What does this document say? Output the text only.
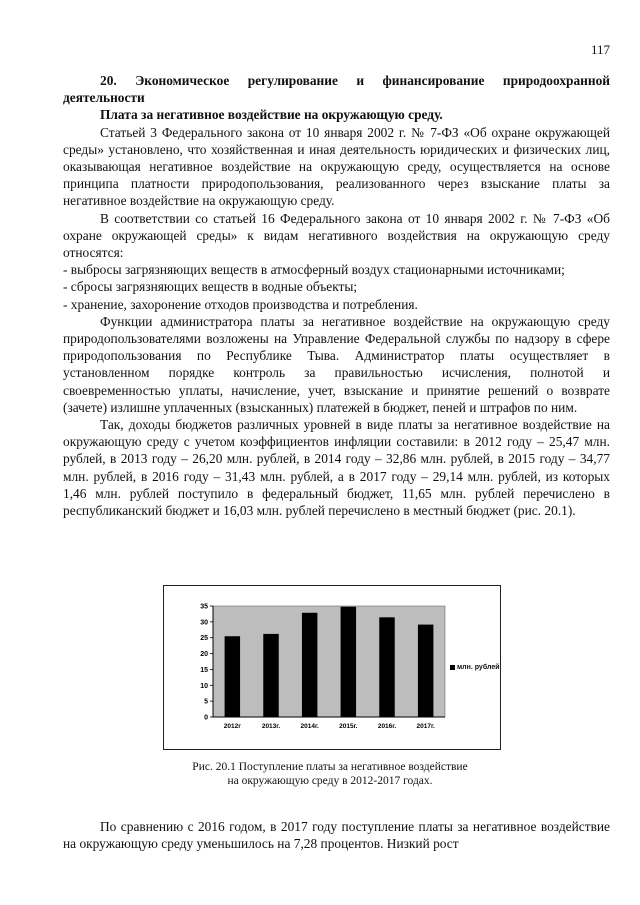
117

20. Экономическое регулирование и финансирование природоохранной деятельности

Плата за негативное воздействие на окружающую среду.

Статьей 3 Федерального закона от 10 января 2002 г. № 7-ФЗ «Об охране окружающей среды» установлено, что хозяйственная и иная деятельность юридических и физических лиц, оказывающая негативное воздействие на окружающую среду, осуществляется на основе принципа платности природопользования, реализованного через взыскание платы за негативное воздействие на окружающую среду.

В соответствии со статьей 16 Федерального закона от 10 января 2002 г. № 7-ФЗ «Об охране окружающей среды» к видам негативного воздействия на окружающую среду относятся:

- выбросы загрязняющих веществ в атмосферный воздух стационарными источниками;

- сбросы загрязняющих веществ в водные объекты;

- хранение, захоронение отходов производства и потребления.

Функции администратора платы за негативное воздействие на окружающую среду природопользователями возложены на Управление Федеральной службы по надзору в сфере природопользования по Республике Тыва. Администратор платы осуществляет в установленном порядке контроль за правильностью исчисления, полнотой и своевременностью уплаты, начисление, учет, взыскание и принятие решений о возврате (зачете) излишне уплаченных (взысканных) платежей в бюджет, пеней и штрафов по ним.

Так, доходы бюджетов различных уровней в виде платы за негативное воздействие на окружающую среду с учетом коэффициентов инфляции составили: в 2012 году – 25,47 млн. рублей, в 2013 году – 26,20 млн. рублей, в 2014 году – 32,86 млн. рублей, в 2015 году – 34,77 млн. рублей, в 2016 году – 31,43 млн. рублей, а в 2017 году – 29,14 млн. рублей, из которых 1,46 млн. рублей поступило в федеральный бюджет, 11,65 млн. рублей перечислено в республиканский бюджет и 16,03 млн. рублей перечислено в местный бюджет (рис. 20.1).

0
5
10
15
20
25
30
35
2012г	2013г.	2014г.	2015г.	2016г.	2017г.
млн. рублей
Рис. 20.1 Поступление платы за негативное воздействие
на окружающую среду в 2012-2017 годах.

По сравнению с 2016 годом, в 2017 году поступление платы за негативное воздействие на окружающую среду уменьшилось на 7,28 процентов. Низкий рост
